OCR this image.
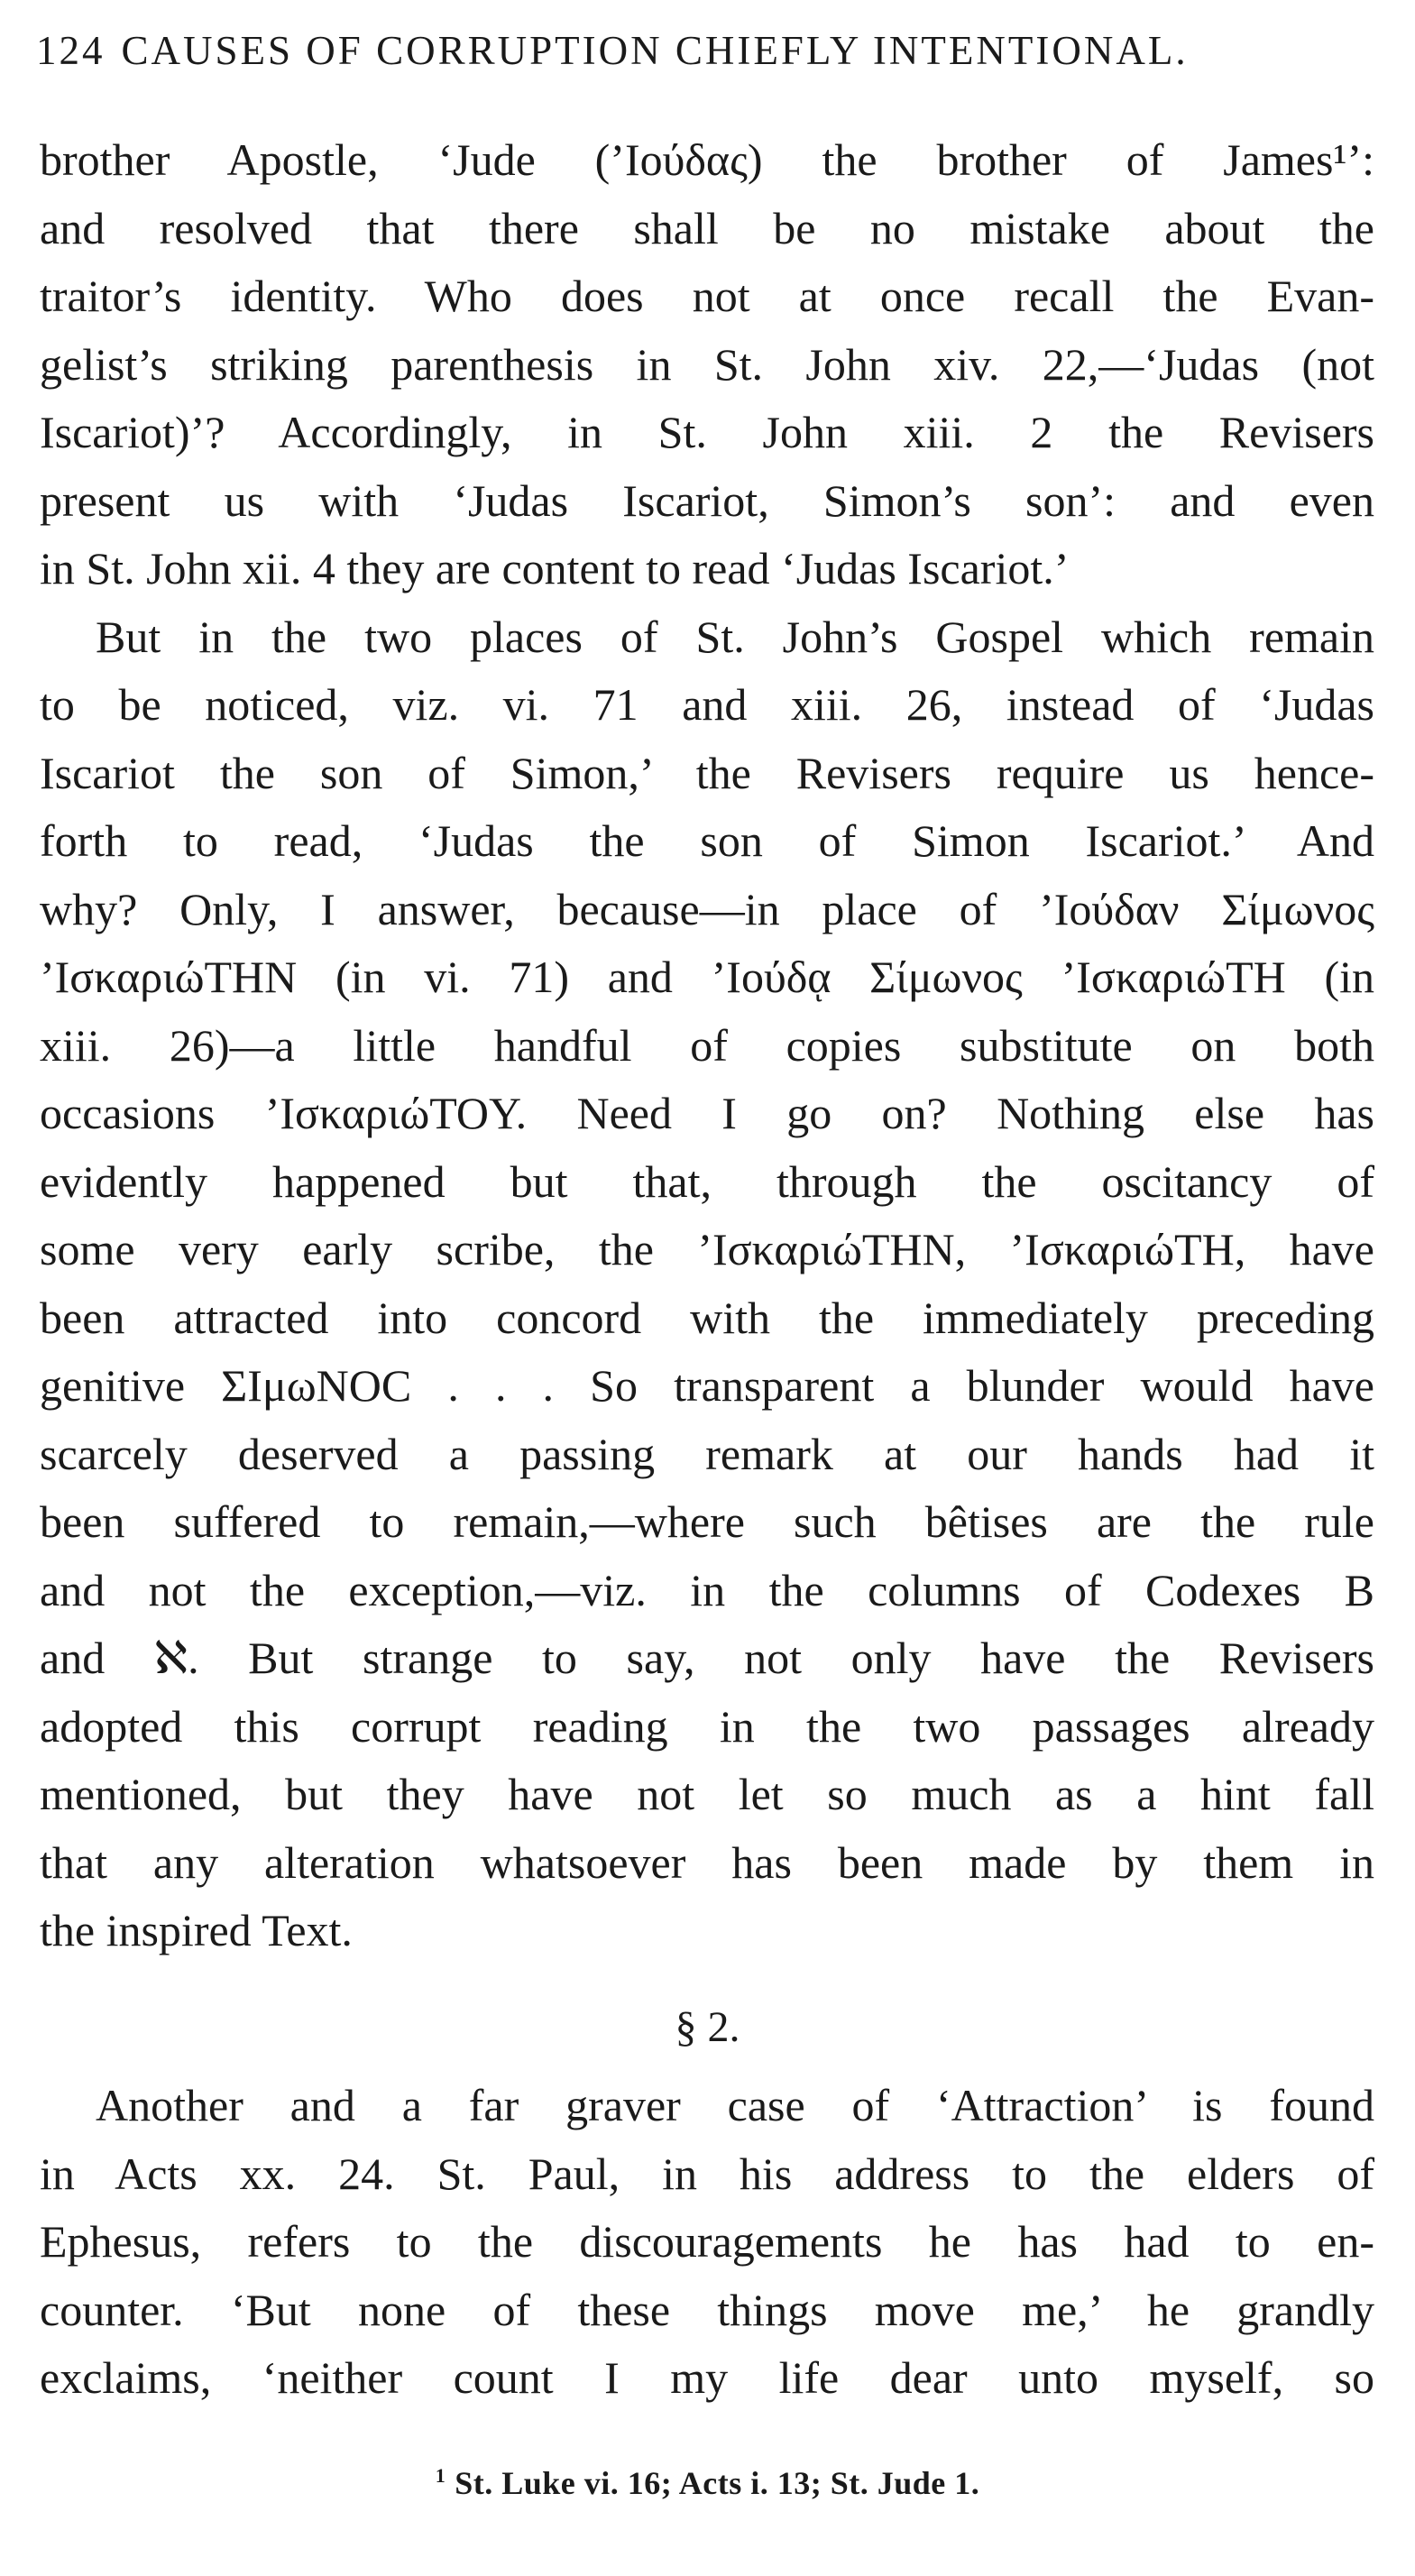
124 CAUSES OF CORRUPTION CHIEFLY INTENTIONAL.
brother Apostle, ‘Jude (’Ιούδας) the brother of James¹’:
and resolved that there shall be no mistake about the
traitor’s identity. Who does not at once recall the Evan-
gelist’s striking parenthesis in St. John xiv. 22,—‘Judas (not
Iscariot)’? Accordingly, in St. John xiii. 2 the Revisers
present us with ‘Judas Iscariot, Simon’s son’: and even
in St. John xii. 4 they are content to read ‘Judas Iscariot.’
But in the two places of St. John’s Gospel which remain
to be noticed, viz. vi. 71 and xiii. 26, instead of ‘Judas
Iscariot the son of Simon,’ the Revisers require us hence-
forth to read, ‘Judas the son of Simon Iscariot.’ And
why? Only, I answer, because—in place of ’Ιούδαν Σίμωνος
’ΙσκαριώTHN (in vi. 71) and ’Ιούδᾳ Σίμωνος ’ΙσκαριώTH (in
xiii. 26)—a little handful of copies substitute on both
occasions ’ΙσκαριώTOY. Need I go on? Nothing else has
evidently happened but that, through the oscitancy of
some very early scribe, the ’ΙσκαριώTHN, ’ΙσκαριώTH, have
been attracted into concord with the immediately preceding
genitive ΣΙμωNOC . . . So transparent a blunder would have
scarcely deserved a passing remark at our hands had it
been suffered to remain,—where such bêtises are the rule
and not the exception,—viz. in the columns of Codexes B
and ℵ. But strange to say, not only have the Revisers
adopted this corrupt reading in the two passages already
mentioned, but they have not let so much as a hint fall
that any alteration whatsoever has been made by them in
the inspired Text.
§ 2.
Another and a far graver case of ‘Attraction’ is found
in Acts xx. 24. St. Paul, in his address to the elders of
Ephesus, refers to the discouragements he has had to en-
counter. ‘But none of these things move me,’ he grandly
exclaims, ‘neither count I my life dear unto myself, so
$^1$ St. Luke vi. 16; Acts i. 13; St. Jude 1.
